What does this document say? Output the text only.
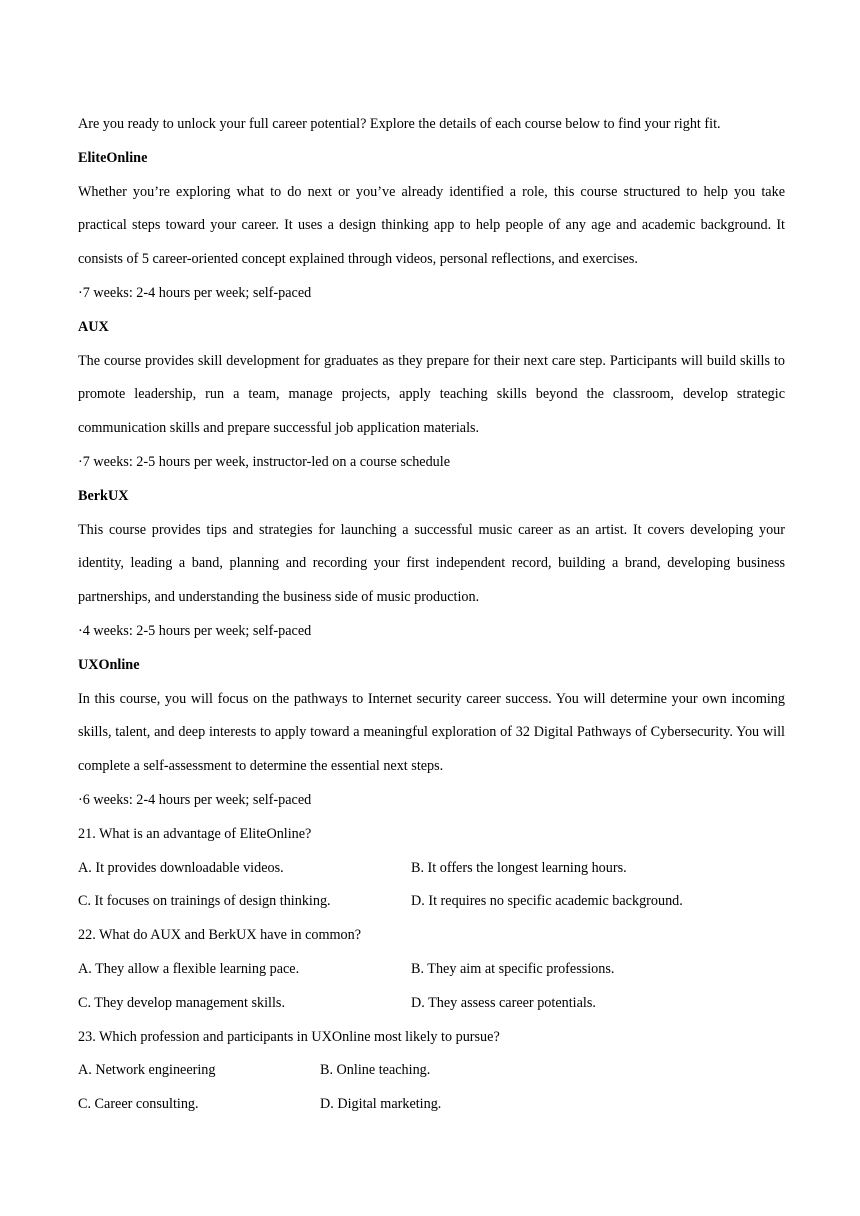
Are you ready to unlock your full career potential? Explore the details of each course below to find your right fit.
EliteOnline
Whether you’re exploring what to do next or you’ve already identified a role, this course structured to help you take practical steps toward your career. It uses a design thinking app to help people of any age and academic background. It consists of 5 career-oriented concept explained through videos, personal reflections, and exercises.
·7 weeks: 2-4 hours per week; self-paced
AUX
The course provides skill development for graduates as they prepare for their next care step. Participants will build skills to promote leadership, run a team, manage projects, apply teaching skills beyond the classroom, develop strategic communication skills and prepare successful job application materials.
·7 weeks: 2-5 hours per week, instructor-led on a course schedule
BerkUX
This course provides tips and strategies for launching a successful music career as an artist. It covers developing your identity, leading a band, planning and recording your first independent record, building a brand, developing business partnerships, and understanding the business side of music production.
·4 weeks: 2-5 hours per week; self-paced
UXOnline
In this course, you will focus on the pathways to Internet security career success. You will determine your own incoming skills, talent, and deep interests to apply toward a meaningful exploration of 32 Digital Pathways of Cybersecurity. You will complete a self-assessment to determine the essential next steps.
·6 weeks: 2-4 hours per week; self-paced
21. What is an advantage of EliteOnline?
A. It provides downloadable videos.	B. It offers the longest learning hours.
C. It focuses on trainings of design thinking.	D. It requires no specific academic background.
22. What do AUX and BerkUX have in common?
A. They allow a flexible learning pace.	B. They aim at specific professions.
C. They develop management skills.	D. They assess career potentials.
23. Which profession and participants in UXOnline most likely to pursue?
A. Network engineering	B. Online teaching.
C. Career consulting.	D. Digital marketing.
